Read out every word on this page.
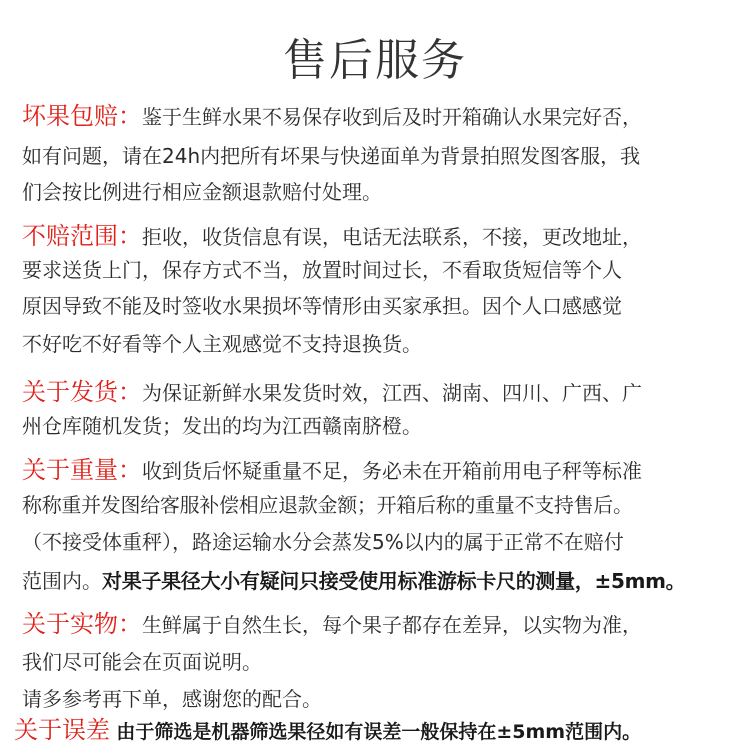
售后服务
坏果包赔：鉴于生鲜水果不易保存收到后及时开箱确认水果完好否，
如有问题，请在24h内把所有坏果与快递面单为背景拍照发图客服，我
们会按比例进行相应金额退款赔付处理。
不赔范围：拒收，收货信息有误，电话无法联系，不接，更改地址，
要求送货上门，保存方式不当，放置时间过长，不看取货短信等个人
原因导致不能及时签收水果损坏等情形由买家承担。因个人口感感觉
不好吃不好看等个人主观感觉不支持退换货。
关于发货：为保证新鲜水果发货时效，江西、湖南、四川、广西、广
州仓库随机发货；发出的均为江西赣南脐橙。
关于重量：收到货后怀疑重量不足，务必未在开箱前用电子秤等标准
称称重并发图给客服补偿相应退款金额；开箱后称的重量不支持售后。
（不接受体重秤），路途运输水分会蒸发5%以内的属于正常不在赔付
范围内。对果子果径大小有疑问只接受使用标准游标卡尺的测量，±5mm。
关于实物：生鲜属于自然生长，每个果子都存在差异，以实物为准，
我们尽可能会在页面说明。
请多参考再下单，感谢您的配合。
关于误差 由于筛选是机器筛选果径如有误差一般保持在±5mm范围内。
